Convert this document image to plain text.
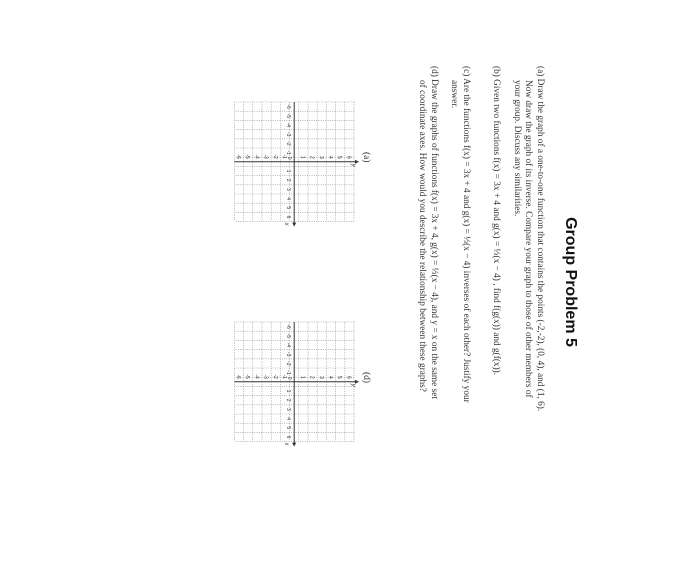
Group Problem 5
(a) Draw the graph of a one-to-one function that contains the points (-2,-2), (0, 4), and (1, 6).
Now draw the graph of its inverse. Compare your graph to those of other members of
your group. Discuss any similarities.
(b) Given two functions f(x) = 3x + 4 and g(x) = ⅓(x − 4) , find f(g(x)) and g(f(x)).
(c) Are the functions f(x) = 3x + 4 and g(x) = ⅓(x − 4) inverses of each other? Justify your
answer.
(d) Draw the graphs of functions f(x) = 3x + 4, g(x) = ⅓(x − 4), and y = x on the same set
of coordinate axes. How would you describe the relationship between these graphs?
x
y
-6
-6
-5
-5
-4
-4
-3
-3
-2
-2
-1
-1 0
1
1
2
2
3
3
4
4
5
5
6
6 (d)
x
y
-6
-6
-5
-5
-4
-4
-3
-3
-2
-2
-1
-1 0
1
1
2
2
3
3
4
4
5
5
6
6 (a)
